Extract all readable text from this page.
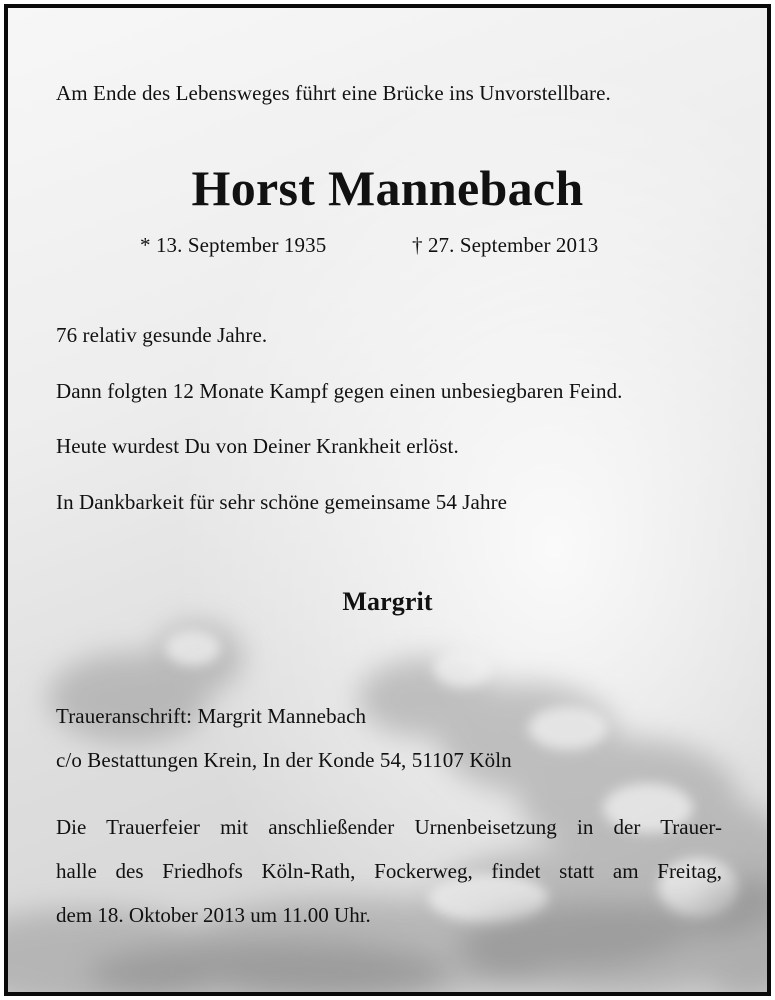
Am Ende des Lebensweges führt eine Brücke ins Unvorstellbare.
Horst Mannebach
* 13. September 1935	† 27. September 2013
76 relativ gesunde Jahre.
Dann folgten 12 Monate Kampf gegen einen unbesiegbaren Feind.
Heute wurdest Du von Deiner Krankheit erlöst.
In Dankbarkeit für sehr schöne gemeinsame 54 Jahre
Margrit
Traueranschrift: Margrit Mannebach
c/o Bestattungen Krein, In der Konde 54, 51107 Köln
Die Trauerfeier mit anschließender Urnenbeisetzung in der Trauer-
halle des Friedhofs Köln-Rath, Fockerweg, findet statt am Freitag,
dem 18. Oktober 2013 um 11.00 Uhr.
